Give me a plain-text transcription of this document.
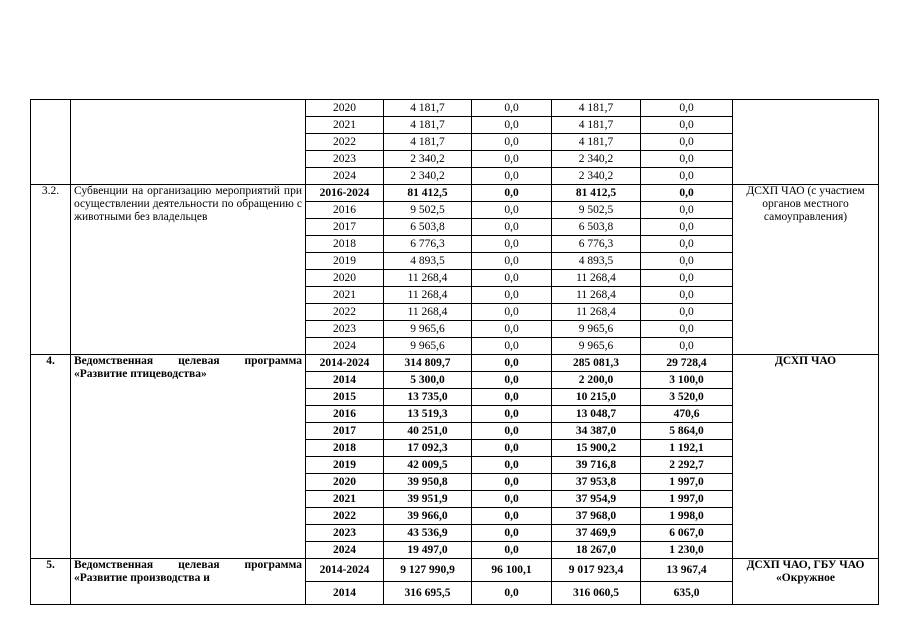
		2020	4 181,7	0,0	4 181,7	0,0	
		2021	4 181,7	0,0	4 181,7	0,0	
		2022	4 181,7	0,0	4 181,7	0,0	
		2023	2 340,2	0,0	2 340,2	0,0	
		2024	2 340,2	0,0	2 340,2	0,0	
3.2.	Субвенции на организацию мероприятий при осуществлении деятельности по обращению с животными без владельцев	2016-2024	81 412,5	0,0	81 412,5	0,0	ДСХП ЧАО (с участием органов местного самоуправления)
		2016	9 502,5	0,0	9 502,5	0,0	
		2017	6 503,8	0,0	6 503,8	0,0	
		2018	6 776,3	0,0	6 776,3	0,0	
		2019	4 893,5	0,0	4 893,5	0,0	
		2020	11 268,4	0,0	11 268,4	0,0	
		2021	11 268,4	0,0	11 268,4	0,0	
		2022	11 268,4	0,0	11 268,4	0,0	
		2023	9 965,6	0,0	9 965,6	0,0	
		2024	9 965,6	0,0	9 965,6	0,0	
4.	Ведомственная целевая программа «Развитие птицеводства»	2014-2024	314 809,7	0,0	285 081,3	29 728,4	ДСХП ЧАО
		2014	5 300,0	0,0	2 200,0	3 100,0	
		2015	13 735,0	0,0	10 215,0	3 520,0	
		2016	13 519,3	0,0	13 048,7	470,6	
		2017	40 251,0	0,0	34 387,0	5 864,0	
		2018	17 092,3	0,0	15 900,2	1 192,1	
		2019	42 009,5	0,0	39 716,8	2 292,7	
		2020	39 950,8	0,0	37 953,8	1 997,0	
		2021	39 951,9	0,0	37 954,9	1 997,0	
		2022	39 966,0	0,0	37 968,0	1 998,0	
		2023	43 536,9	0,0	37 469,9	6 067,0	
		2024	19 497,0	0,0	18 267,0	1 230,0	
5.	Ведомственная целевая программа «Развитие производства и	2014-2024	9 127 990,9	96 100,1	9 017 923,4	13 967,4	ДСХП ЧАО, ГБУ ЧАО «Окружное
		2014	316 695,5	0,0	316 060,5	635,0	
